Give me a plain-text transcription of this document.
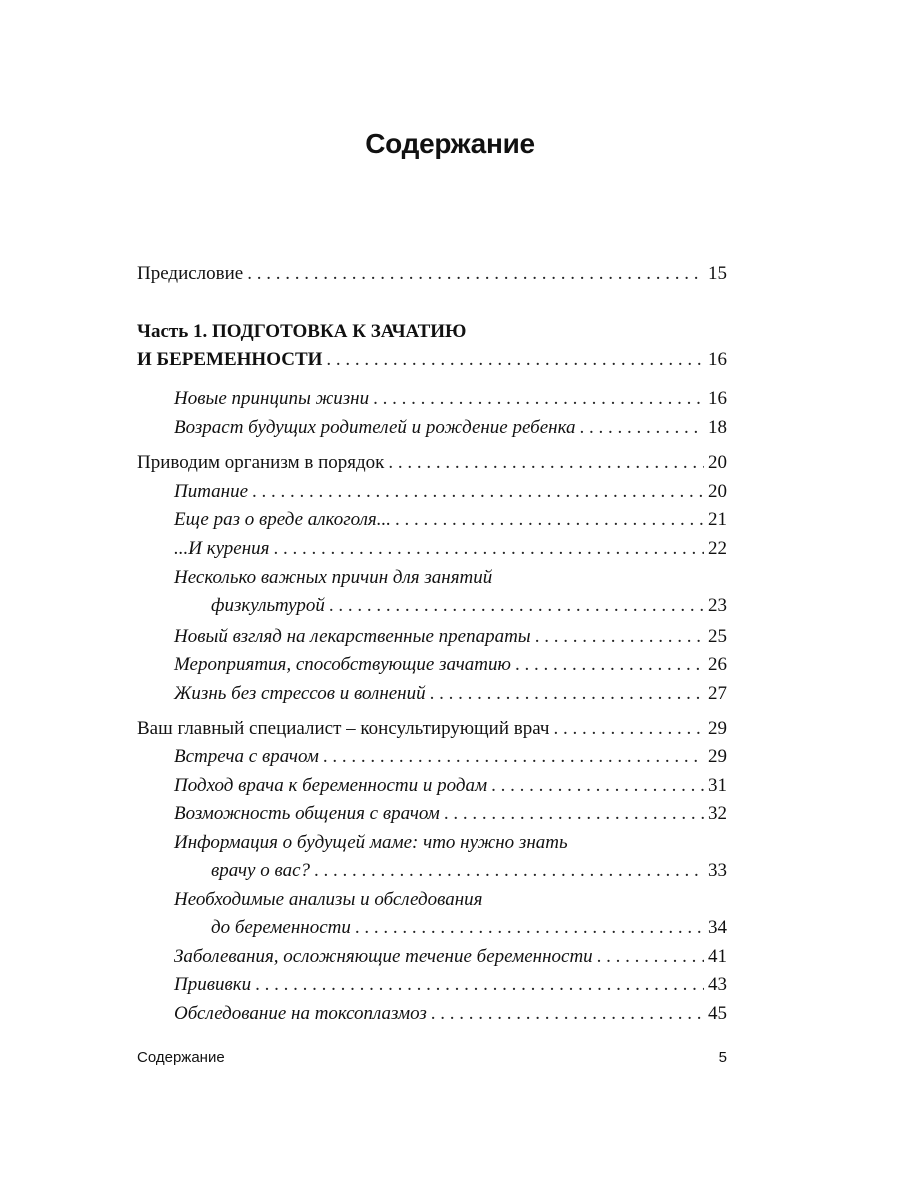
Содержание
Предисловие . . .	15
Часть 1. ПОДГОТОВКА К ЗАЧАТИЮ
И БЕРЕМЕННОСТИ . . .	16
Новые принципы жизни . . .	16
Возраст будущих родителей и рождение ребенка . . .	18
Приводим организм в порядок . . .	20
Питание . . .	20
Еще раз о вреде алкоголя... . . .	21
...И курения . . .	22
Несколько важных причин для занятий
физкультурой . . .	23
Новый взгляд на лекарственные препараты . . .	25
Мероприятия, способствующие зачатию . . .	26
Жизнь без стрессов и волнений . . .	27
Ваш главный специалист – консультирующий врач . . .	29
Встреча с врачом . . .	29
Подход врача к беременности и родам . . .	31
Возможность общения с врачом . . .	32
Информация о будущей маме: что нужно знать
врачу о вас? . . .	33
Необходимые анализы и обследования
до беременности . . .	34
Заболевания, осложняющие течение беременности . . .	41
Прививки . . .	43
Обследование на токсоплазмоз . . .	45
Содержание	5
